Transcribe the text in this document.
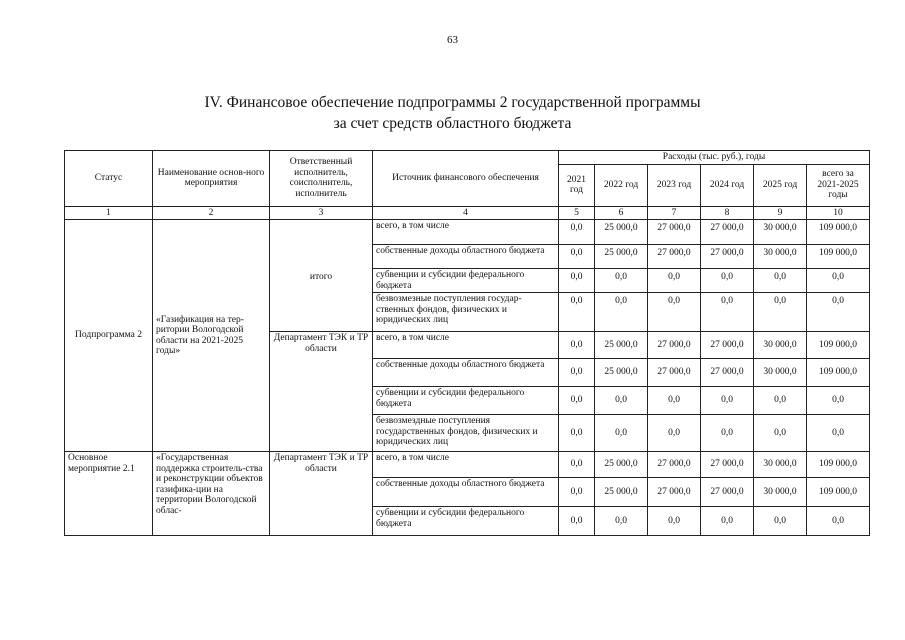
63
IV. Финансовое обеспечение подпрограммы 2 государственной программы
за счет средств областного бюджета
Статус	Наименование основ-ного мероприятия	Ответственный исполнитель, соисполнитель, исполнитель	Источник финансового обеспечения	Расходы (тыс. руб.), годы					
				2021 год	2022 год	2023 год	2024 год	2025 год	всего за 2021-2025 годы
1	2	3	4	5	6	7	8	9	10
Подпрограмма 2	«Газификация на тер-ритории Вологодской области на 2021-2025 годы»	итого	всего, в том числе	0,0	25 000,0	27 000,0	27 000,0	30 000,0	109 000,0
			собственные доходы областного бюджета	0,0	25 000,0	27 000,0	27 000,0	30 000,0	109 000,0
			субвенции и субсидии федерального бюджета	0,0	0,0	0,0	0,0	0,0	0,0
			безвозмезные поступления государ-ственных фондов, физических и юридических лиц	0,0	0,0	0,0	0,0	0,0	0,0
		Департамент ТЭК и ТР области	всего, в том числе	0,0	25 000,0	27 000,0	27 000,0	30 000,0	109 000,0
			собственные доходы областного бюджета	0,0	25 000,0	27 000,0	27 000,0	30 000,0	109 000,0
			субвенции и субсидии федерального бюджета	0,0	0,0	0,0	0,0	0,0	0,0
			безвозмездные поступления государственных фондов, физических и юридических лиц	0,0	0,0	0,0	0,0	0,0	0,0
Основное мероприятие 2.1	«Государственная поддержка строитель-ства и реконструкции объектов газифика-ции на территории Вологодской облас-	Департамент ТЭК и ТР области	всего, в том числе	0,0	25 000,0	27 000,0	27 000,0	30 000,0	109 000,0
			собственные доходы областного бюджета	0,0	25 000,0	27 000,0	27 000,0	30 000,0	109 000,0
			субвенции и субсидии федерального бюджета	0,0	0,0	0,0	0,0	0,0	0,0
